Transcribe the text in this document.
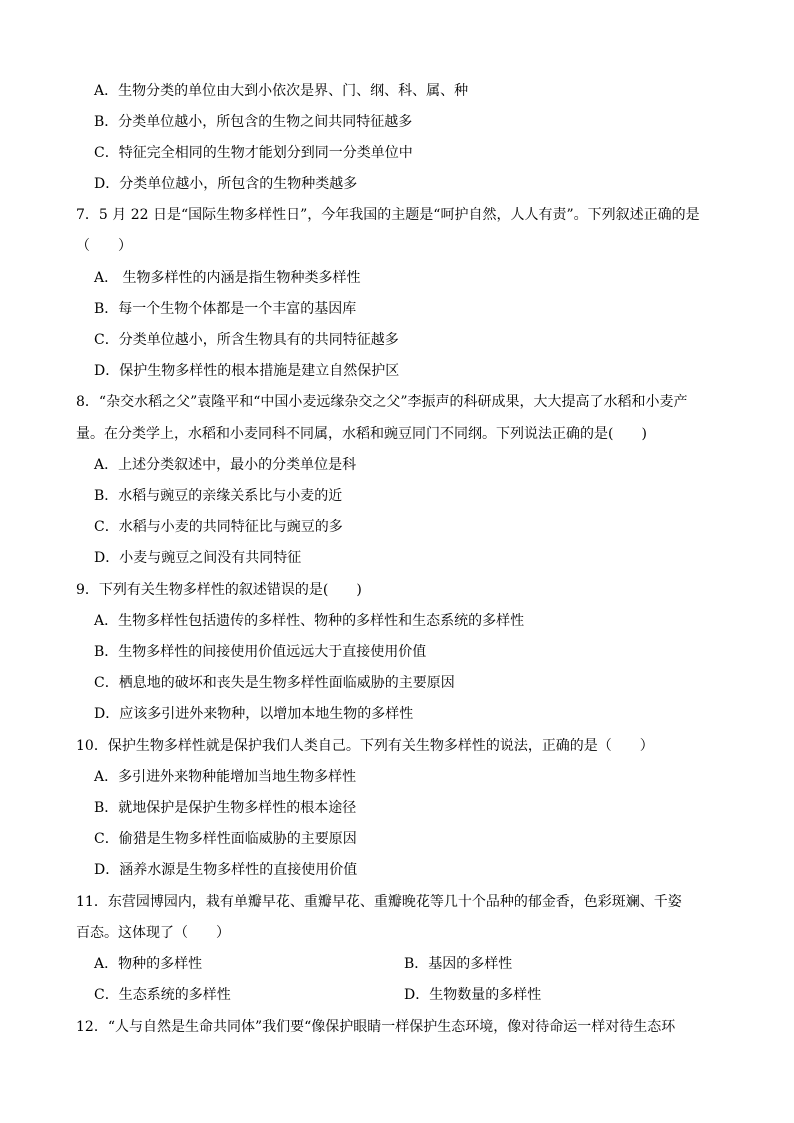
A．生物分类的单位由大到小依次是界、门、纲、科、属、种
B．分类单位越小，所包含的生物之间共同特征越多
C．特征完全相同的生物才能划分到同一分类单位中
D．分类单位越小，所包含的生物种类越多
7．5 月 22 日是“国际生物多样性日”，今年我国的主题是“呵护自然，人人有责”。下列叙述正确的是
（　　）
A． 生物多样性的内涵是指生物种类多样性
B．每一个生物个体都是一个丰富的基因库
C．分类单位越小，所含生物具有的共同特征越多
D．保护生物多样性的根本措施是建立自然保护区
8．“杂交水稻之父”袁隆平和“中国小麦远缘杂交之父”李振声的科研成果，大大提高了水稻和小麦产
量。在分类学上，水稻和小麦同科不同属，水稻和豌豆同门不同纲。下列说法正确的是(　　)
A．上述分类叙述中，最小的分类单位是科
B．水稻与豌豆的亲缘关系比与小麦的近
C．水稻与小麦的共同特征比与豌豆的多
D．小麦与豌豆之间没有共同特征
9．下列有关生物多样性的叙述错误的是(　　)
A．生物多样性包括遗传的多样性、物种的多样性和生态系统的多样性
B．生物多样性的间接使用价值远远大于直接使用价值
C．栖息地的破坏和丧失是生物多样性面临威胁的主要原因
D．应该多引进外来物种，以增加本地生物的多样性
10．保护生物多样性就是保护我们人类自己。下列有关生物多样性的说法，正确的是（　　）
A．多引进外来物种能增加当地生物多样性
B．就地保护是保护生物多样性的根本途径
C．偷猎是生物多样性面临威胁的主要原因
D．涵养水源是生物多样性的直接使用价值
11．东营园博园内，栽有单瓣早花、重瓣早花、重瓣晚花等几十个品种的郁金香，色彩斑斓、千姿
百态。这体现了（　　）
A．物种的多样性	B．基因的多样性
C．生态系统的多样性	D．生物数量的多样性
12．“人与自然是生命共同体”我们要“像保护眼睛一样保护生态环境，像对待命运一样对待生态环
